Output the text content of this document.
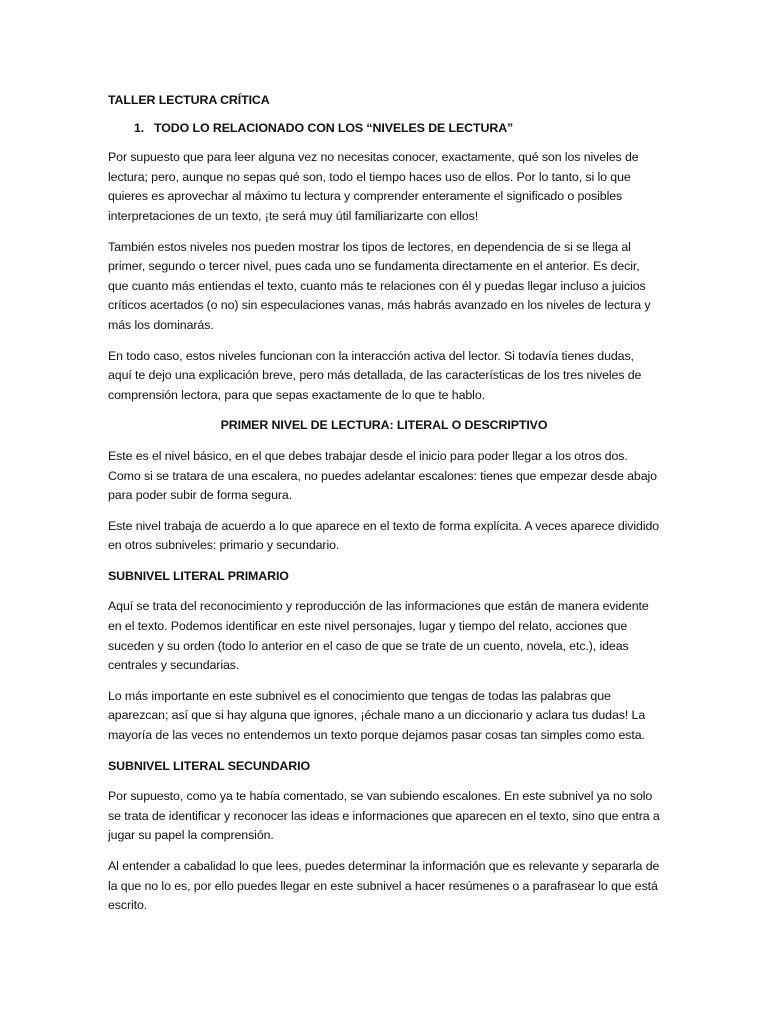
TALLER LECTURA CRÍTICA
1. TODO LO RELACIONADO CON LOS “NIVELES DE LECTURA”

Por supuesto que para leer alguna vez no necesitas conocer, exactamente, qué son los niveles de lectura; pero, aunque no sepas qué son, todo el tiempo haces uso de ellos. Por lo tanto, si lo que quieres es aprovechar al máximo tu lectura y comprender enteramente el significado o posibles interpretaciones de un texto, ¡te será muy útil familiarizarte con ellos!

También estos niveles nos pueden mostrar los tipos de lectores, en dependencia de si se llega al primer, segundo o tercer nivel, pues cada uno se fundamenta directamente en el anterior. Es decir, que cuanto más entiendas el texto, cuanto más te relaciones con él y puedas llegar incluso a juicios críticos acertados (o no) sin especulaciones vanas, más habrás avanzado en los niveles de lectura y más los dominarás.

En todo caso, estos niveles funcionan con la interacción activa del lector. Si todavía tienes dudas, aquí te dejo una explicación breve, pero más detallada, de las características de los tres niveles de comprensión lectora, para que sepas exactamente de lo que te hablo.

PRIMER NIVEL DE LECTURA: LITERAL O DESCRIPTIVO

Este es el nivel básico, en el que debes trabajar desde el inicio para poder llegar a los otros dos. Como si se tratara de una escalera, no puedes adelantar escalones: tienes que empezar desde abajo para poder subir de forma segura.

Este nivel trabaja de acuerdo a lo que aparece en el texto de forma explícita. A veces aparece dividido en otros subniveles: primario y secundario.

SUBNIVEL LITERAL PRIMARIO

Aquí se trata del reconocimiento y reproducción de las informaciones que están de manera evidente en el texto. Podemos identificar en este nivel personajes, lugar y tiempo del relato, acciones que suceden y su orden (todo lo anterior en el caso de que se trate de un cuento, novela, etc.), ideas centrales y secundarias.

Lo más importante en este subnivel es el conocimiento que tengas de todas las palabras que aparezcan; así que si hay alguna que ignores, ¡échale mano a un diccionario y aclara tus dudas! La mayoría de las veces no entendemos un texto porque dejamos pasar cosas tan simples como esta.

SUBNIVEL LITERAL SECUNDARIO

Por supuesto, como ya te había comentado, se van subiendo escalones. En este subnivel ya no solo se trata de identificar y reconocer las ideas e informaciones que aparecen en el texto, sino que entra a jugar su papel la comprensión.

Al entender a cabalidad lo que lees, puedes determinar la información que es relevante y separarla de la que no lo es, por ello puedes llegar en este subnivel a hacer resúmenes o a parafrasear lo que está escrito.
